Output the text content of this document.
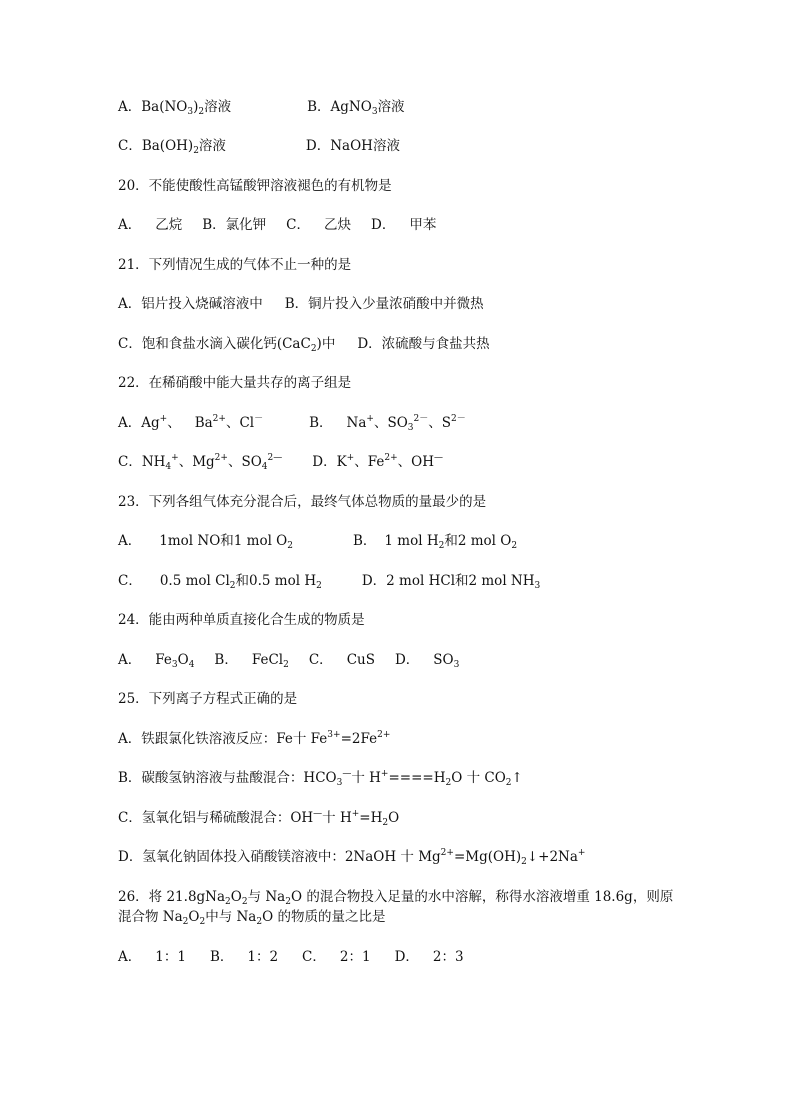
A．$Ba(NO_3)_2$溶液	B．AgNO$_3$溶液
C．$Ba(OH)_2$溶液	D．NaOH溶液
20．不能使酸性高锰酸钾溶液褪色的有机物是
A． 乙烷 B．氯化钾 C． 乙炔 D． 甲苯
21．下列情况生成的气体不止一种的是
A．铝片投入烧碱溶液中 B．铜片投入少量浓硝酸中并微热
C．饱和食盐水滴入碳化钙(CaC$_2$)中 D．浓硫酸与食盐共热
22．在稀硝酸中能大量共存的离子组是
A．Ag+、 $Ba^{2+}$、Cl－	B． Na+、$SO_3^{2-}$、$S^{2-}$
C．$NH_4^+$、$Mg^{2+}$、$SO_4^{2—}$ D．K+、$Fe^{2+}$、OH—
23．下列各组气体充分混合后，最终气体总物质的量最少的是
A． 1mol NO和1 mol $O_2$	B． 1 mol $H_2$和2 mol $O_2$
C． 0.5 mol $Cl_2$和0.5 mol $H_2$	D．2 mol HCl和2 mol $NH_3$
24．能由两种单质直接化合生成的物质是
A． $Fe_3O_4$ B． FeCl$_2$ C． CuS D． $SO_3$
25．下列离子方程式正确的是
A．铁跟氯化铁溶液反应：Fe十 $Fe^{3+}=2Fe^{2+}$
B．碳酸氢钠溶液与盐酸混合：$HCO_3^—$十 $H^+====H_2O$ 十 $CO_2↑$
C．氢氧化铝与稀硫酸混合：OH—十 $H^+=H_2O$
D．氢氧化钠固体投入硝酸镁溶液中：2NaOH 十 $Mg^{2+}=Mg(OH)_2↓+2Na^+$
26．将 $21.8gNa_2O_2$与 $Na_2O$ 的混合物投入足量的水中溶解，称得水溶液增重 18.6g，则原混合物 $Na_2O_2$中与 $Na_2O$ 的物质的量之比是
A． 1：1 B． 1：2 C． 2：1 D． 2：3
